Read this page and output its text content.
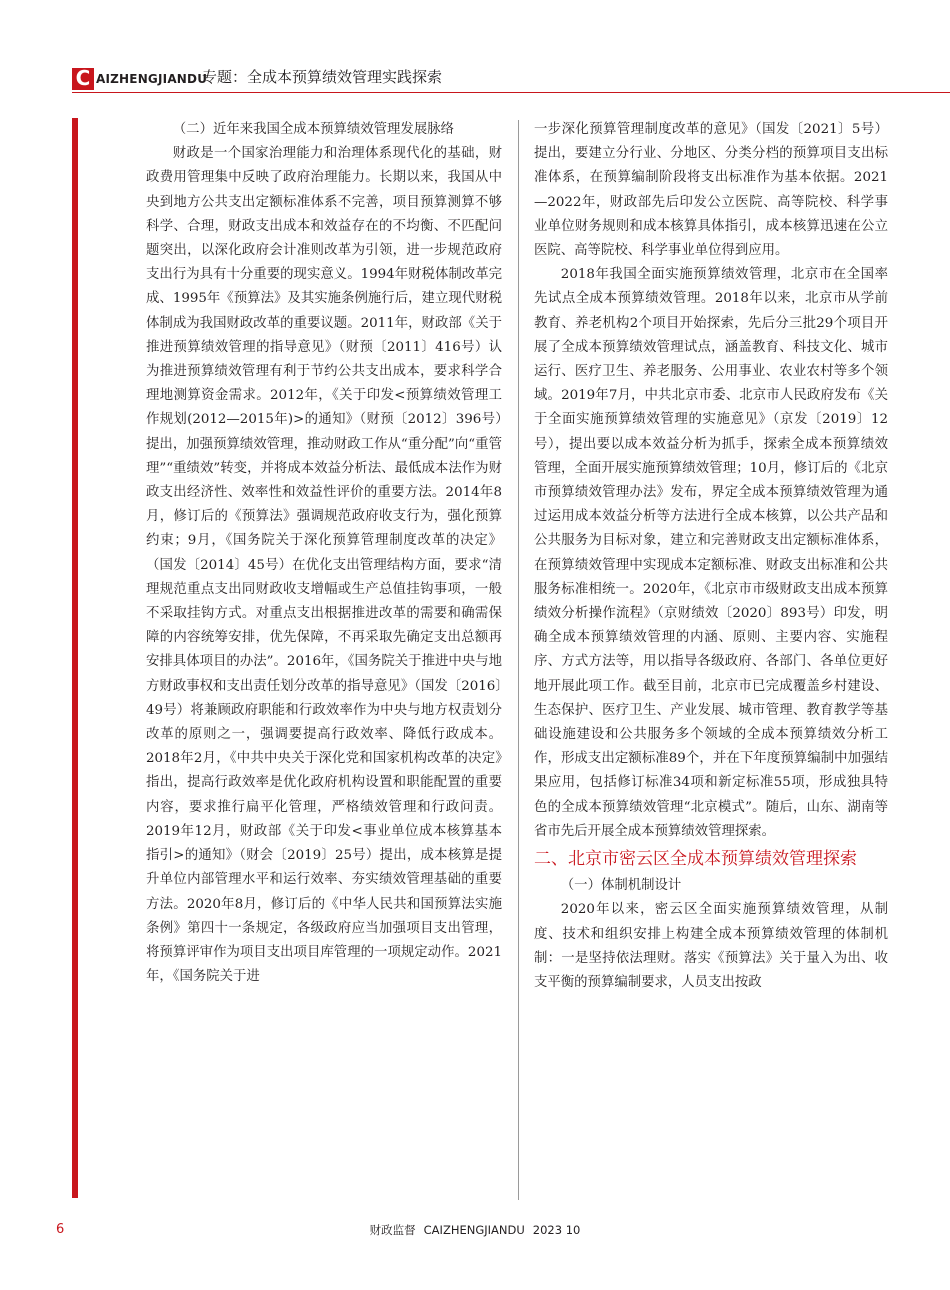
C AIZHENGJIANDU
专题：全成本预算绩效管理实践探索

（二）近年来我国全成本预算绩效管理发展脉络

财政是一个国家治理能力和治理体系现代化的基础，财政费用管理集中反映了政府治理能力。长期以来，我国从中央到地方公共支出定额标准体系不完善，项目预算测算不够科学、合理，财政支出成本和效益存在的不均衡、不匹配问题突出，以深化政府会计准则改革为引领，进一步规范政府支出行为具有十分重要的现实意义。1994年财税体制改革完成、1995年《预算法》及其实施条例施行后，建立现代财税体制成为我国财政改革的重要议题。2011年，财政部《关于推进预算绩效管理的指导意见》（财预〔2011〕416号）认为推进预算绩效管理有利于节约公共支出成本，要求科学合理地测算资金需求。2012年，《关于印发<预算绩效管理工作规划(2012—2015年)>的通知》（财预〔2012〕396号）提出，加强预算绩效管理，推动财政工作从“重分配”向“重管理”“重绩效”转变，并将成本效益分析法、最低成本法作为财政支出经济性、效率性和效益性评价的重要方法。2014年8月，修订后的《预算法》强调规范政府收支行为，强化预算约束；9月，《国务院关于深化预算管理制度改革的决定》（国发〔2014〕45号）在优化支出管理结构方面，要求“清理规范重点支出同财政收支增幅或生产总值挂钩事项，一般不采取挂钩方式。对重点支出根据推进改革的需要和确需保障的内容统筹安排，优先保障，不再采取先确定支出总额再安排具体项目的办法”。2016年，《国务院关于推进中央与地方财政事权和支出责任划分改革的指导意见》（国发〔2016〕49号）将兼顾政府职能和行政效率作为中央与地方权责划分改革的原则之一，强调要提高行政效率、降低行政成本。2018年2月，《中共中央关于深化党和国家机构改革的决定》指出，提高行政效率是优化政府机构设置和职能配置的重要内容，要求推行扁平化管理，严格绩效管理和行政问责。2019年12月，财政部《关于印发<事业单位成本核算基本指引>的通知》（财会〔2019〕25号）提出，成本核算是提升单位内部管理水平和运行效率、夯实绩效管理基础的重要方法。2020年8月，修订后的《中华人民共和国预算法实施条例》第四十一条规定，各级政府应当加强项目支出管理，将预算评审作为项目支出项目库管理的一项规定动作。2021年，《国务院关于进

一步深化预算管理制度改革的意见》（国发〔2021〕5号）提出，要建立分行业、分地区、分类分档的预算项目支出标准体系，在预算编制阶段将支出标准作为基本依据。2021—2022年，财政部先后印发公立医院、高等院校、科学事业单位财务规则和成本核算具体指引，成本核算迅速在公立医院、高等院校、科学事业单位得到应用。

2018年我国全面实施预算绩效管理，北京市在全国率先试点全成本预算绩效管理。2018年以来，北京市从学前教育、养老机构2个项目开始探索，先后分三批29个项目开展了全成本预算绩效管理试点，涵盖教育、科技文化、城市运行、医疗卫生、养老服务、公用事业、农业农村等多个领域。2019年7月，中共北京市委、北京市人民政府发布《关于全面实施预算绩效管理的实施意见》（京发〔2019〕12号），提出要以成本效益分析为抓手，探索全成本预算绩效管理，全面开展实施预算绩效管理；10月，修订后的《北京市预算绩效管理办法》发布，界定全成本预算绩效管理为通过运用成本效益分析等方法进行全成本核算，以公共产品和公共服务为目标对象，建立和完善财政支出定额标准体系，在预算绩效管理中实现成本定额标准、财政支出标准和公共服务标准相统一。2020年，《北京市市级财政支出成本预算绩效分析操作流程》（京财绩效〔2020〕893号）印发，明确全成本预算绩效管理的内涵、原则、主要内容、实施程序、方式方法等，用以指导各级政府、各部门、各单位更好地开展此项工作。截至目前，北京市已完成覆盖乡村建设、生态保护、医疗卫生、产业发展、城市管理、教育教学等基础设施建设和公共服务多个领域的全成本预算绩效分析工作，形成支出定额标准89个，并在下年度预算编制中加强结果应用，包括修订标准34项和新定标准55项，形成独具特色的全成本预算绩效管理“北京模式”。随后，山东、湖南等省市先后开展全成本预算绩效管理探索。

二、北京市密云区全成本预算绩效管理探索

（一）体制机制设计

2020年以来，密云区全面实施预算绩效管理，从制度、技术和组织安排上构建全成本预算绩效管理的体制机制：一是坚持依法理财。落实《预算法》关于量入为出、收支平衡的预算编制要求，人员支出按政

6	财政监督 CAIZHENGJIANDU 2023 10
